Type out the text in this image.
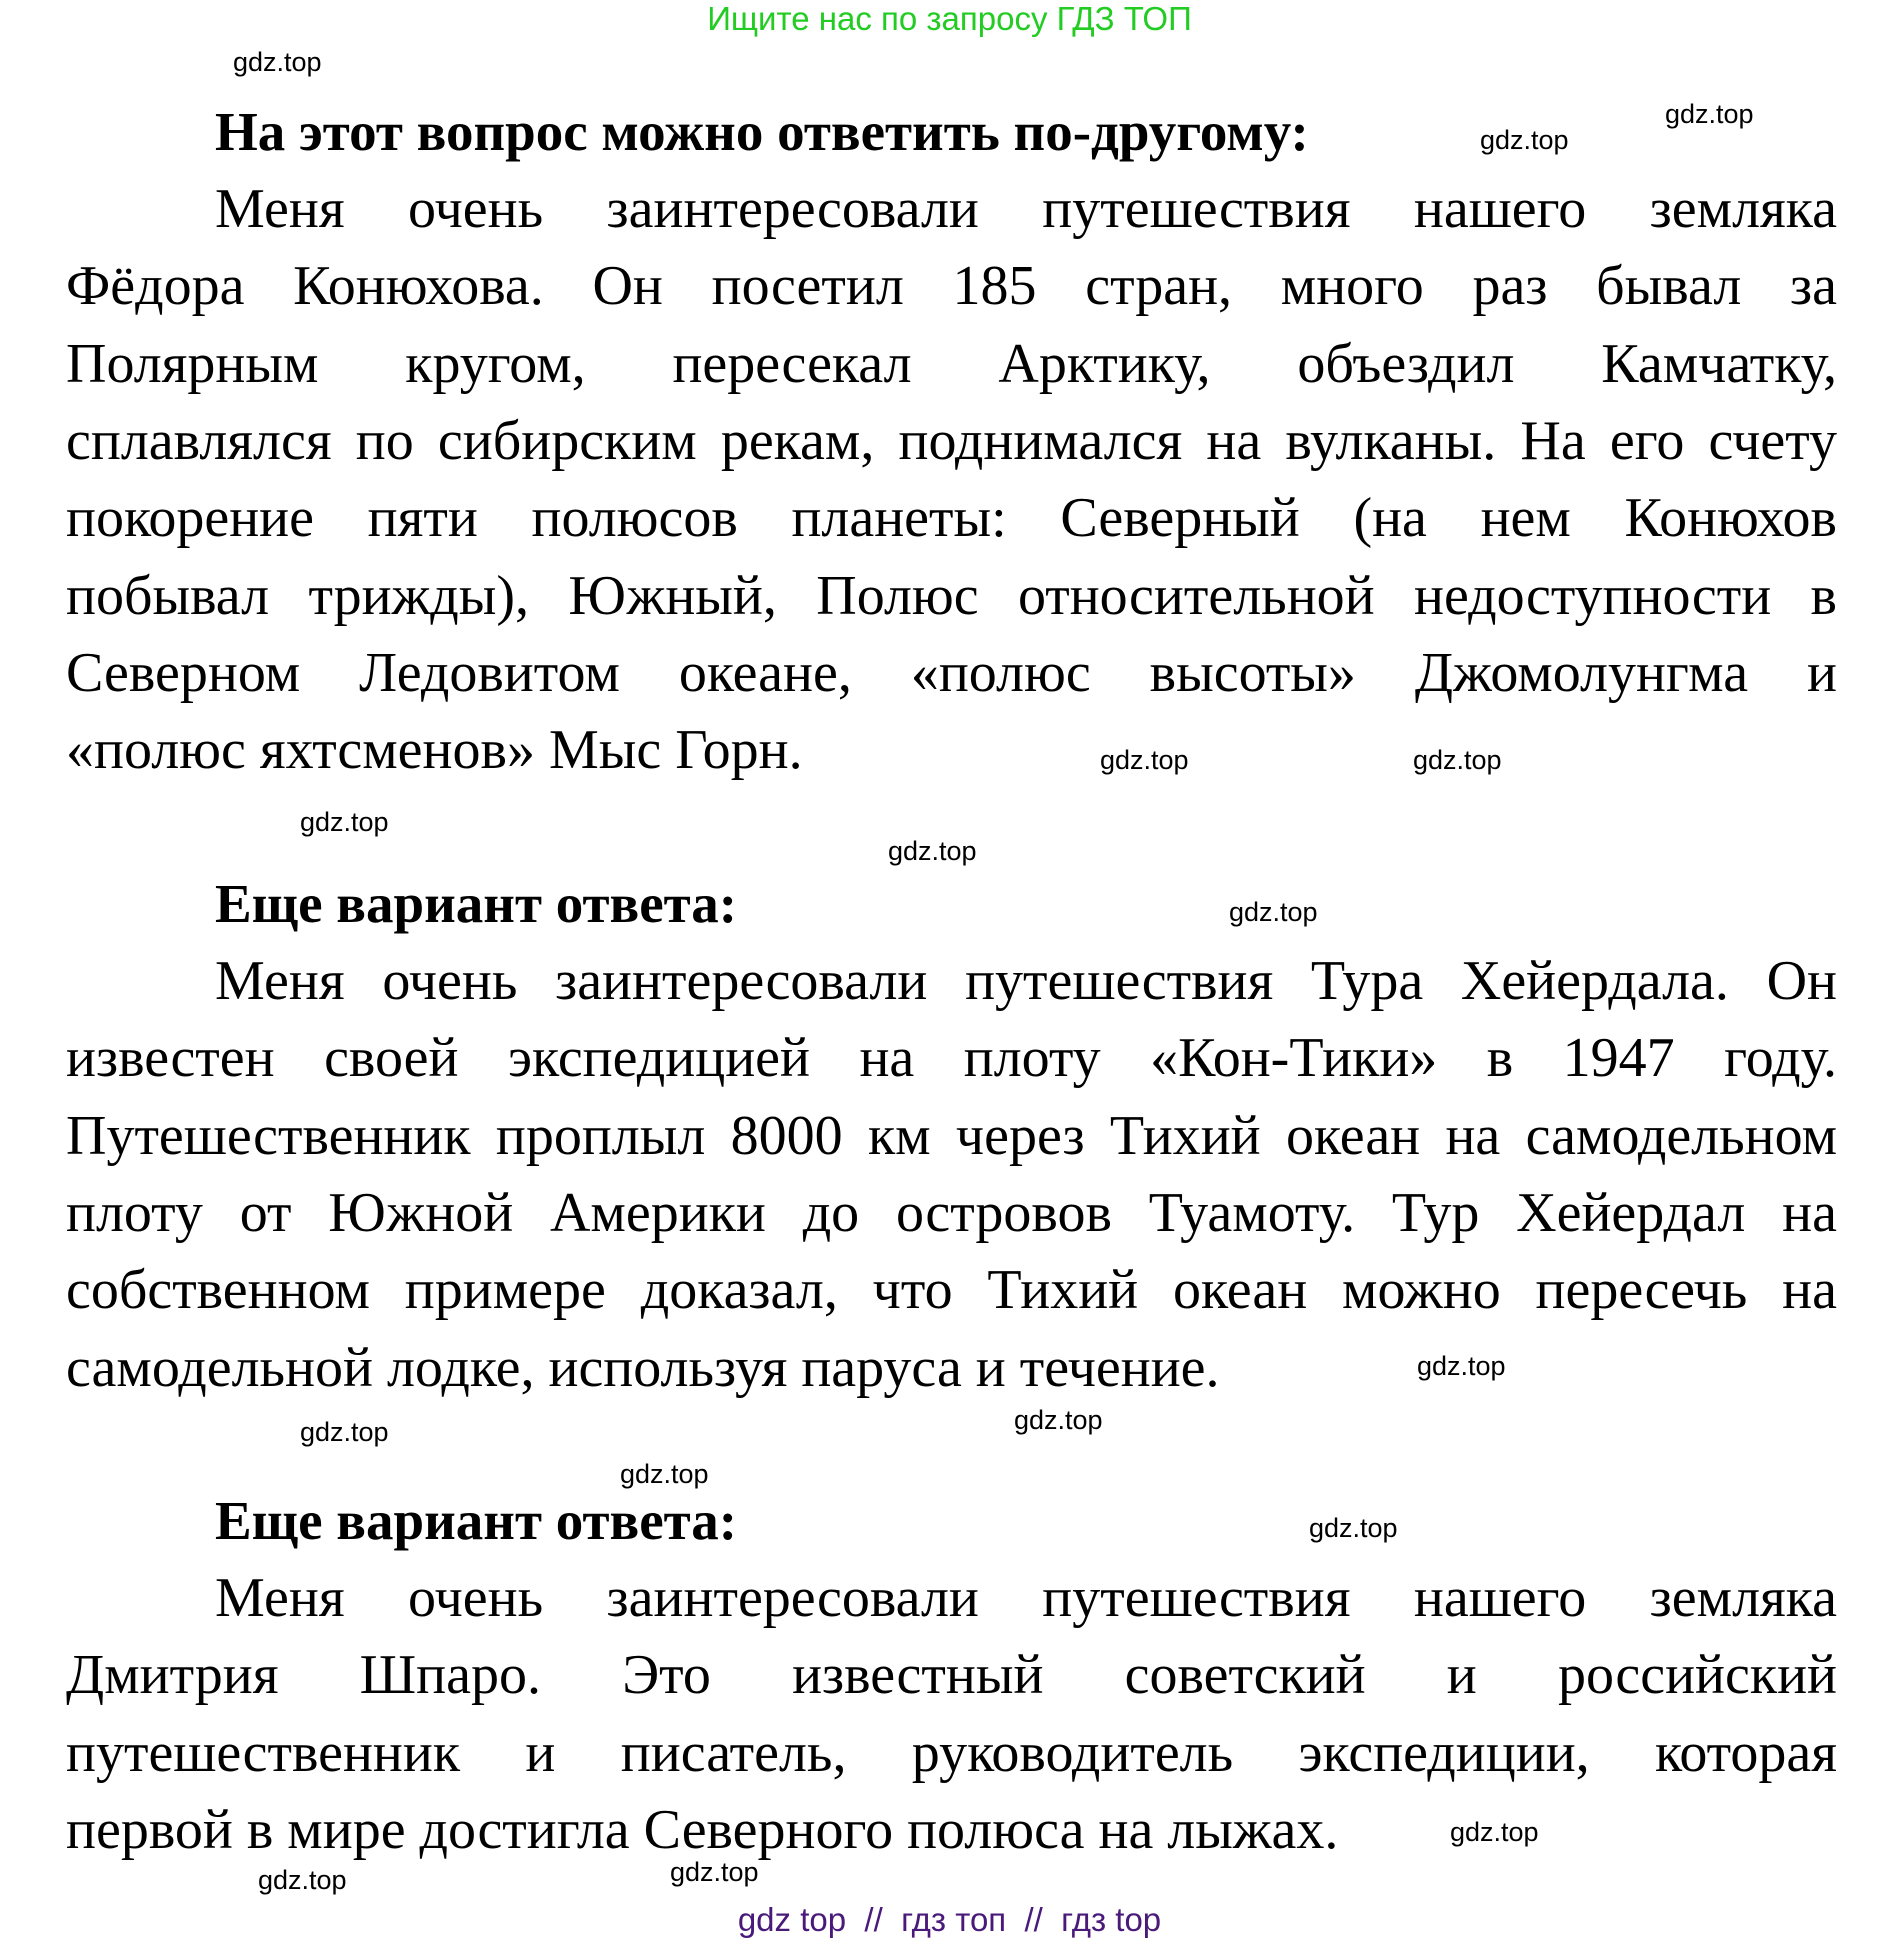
Ищите нас по запросу ГДЗ ТОП
На этот вопрос можно ответить по-другому:
Меня очень заинтересовали путешествия нашего земляка
Фёдора Конюхова. Он посетил 185 стран, много раз бывал за
Полярным кругом, пересекал Арктику, объездил Камчатку,
сплавлялся по сибирским рекам, поднимался на вулканы. На его счету
покорение пяти полюсов планеты: Северный (на нем Конюхов
побывал трижды), Южный, Полюс относительной недоступности в
Северном Ледовитом океане, «полюс высоты» Джомолунгма и
«полюс яхтсменов» Мыс Горн.
Еще вариант ответа:
Меня очень заинтересовали путешествия Тура Хейердала. Он
известен своей экспедицией на плоту «Кон-Тики» в 1947 году.
Путешественник проплыл 8000 км через Тихий океан на самодельном
плоту от Южной Америки до островов Туамоту. Тур Хейердал на
собственном примере доказал, что Тихий океан можно пересечь на
самодельной лодке, используя паруса и течение.
Еще вариант ответа:
Меня очень заинтересовали путешествия нашего земляка
Дмитрия Шпаро. Это известный советский и российский
путешественник и писатель, руководитель экспедиции, которая
первой в мире достигла Северного полюса на лыжах.
gdz top  //  гдз топ  //  гдз top
gdz.top
gdz.top
gdz.top
gdz.top	gdz.top
gdz.top
gdz.top
gdz.top
gdz.top
gdz.top	gdz.top
gdz.top
gdz.top
gdz.top
gdz.top	gdz.top
